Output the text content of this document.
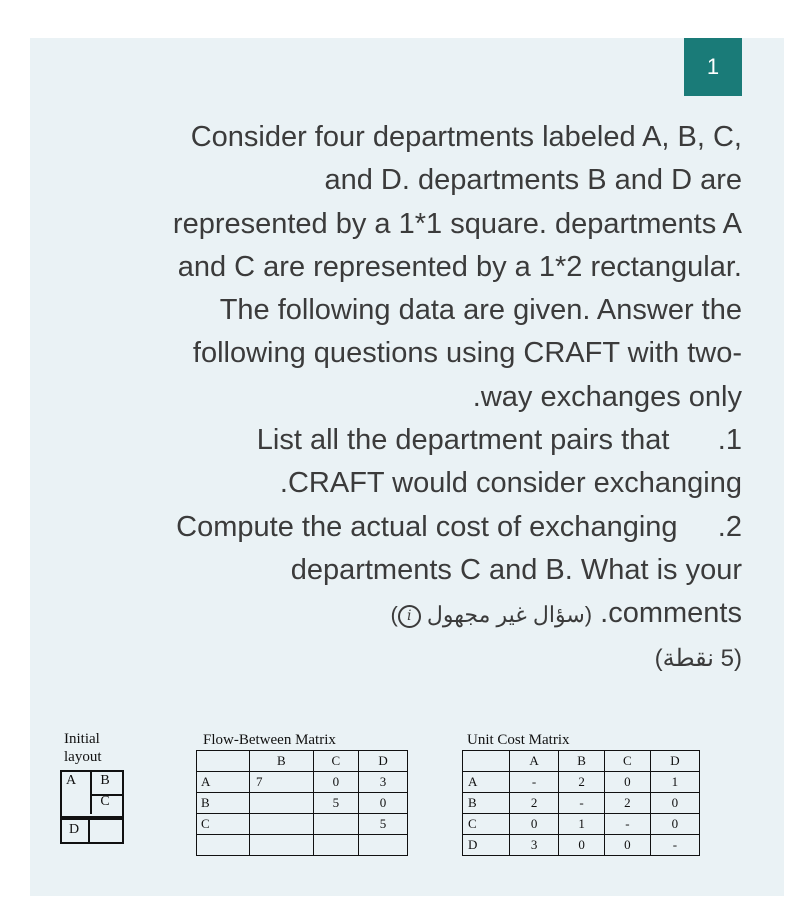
1
Consider four departments labeled A, B, C,
and D. departments B and D are
represented by a 1*1 square. departments A
and C are represented by a 1*2 rectangular.
The following data are given. Answer the
following questions using CRAFT with two-
.way exchanges only
List all the department pairs that      .1
.CRAFT would consider exchanging
Compute the actual cost of exchanging     .2
departments C and B. What is your
( i (سؤال غير مجهول .comments
(5 نقطة)
Initial
layout
A	B
C
D
Flow-Between Matrix
	B	C	D
A	7	0	3
B		5	0
C			5

Unit Cost Matrix
	A	B	C	D
A	-	2	0	1
B	2	-	2	0
C	0	1	-	0
D	3	0	0	-
